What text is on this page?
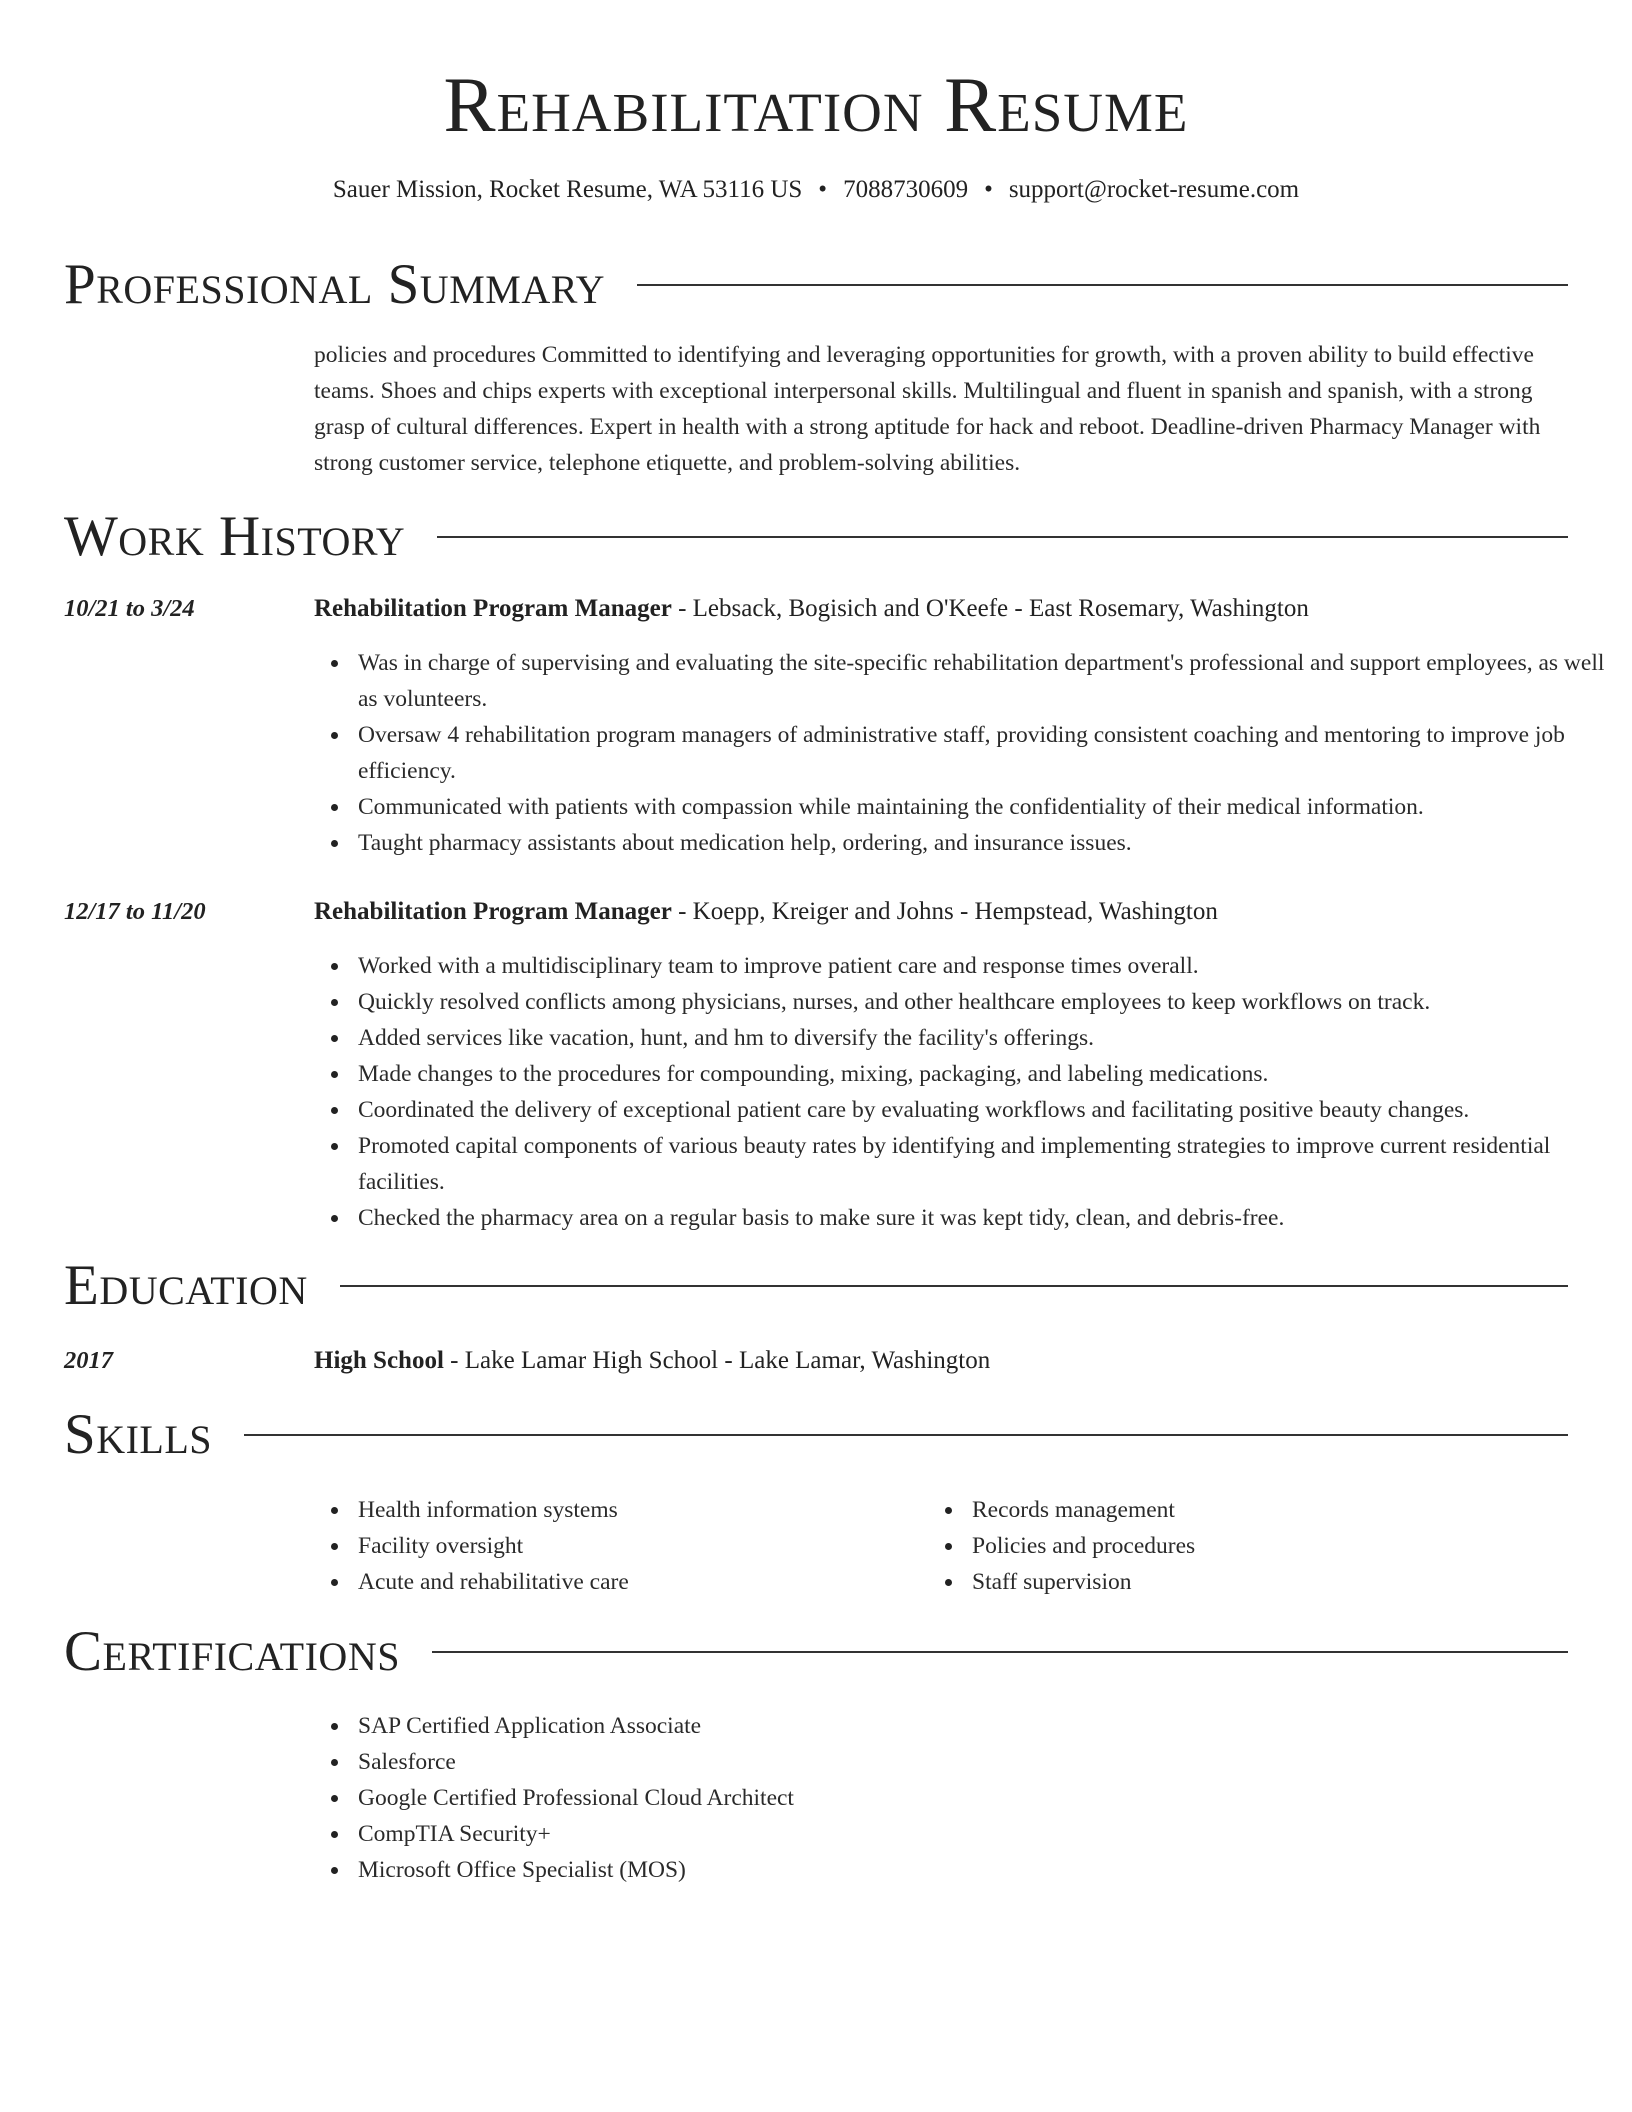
Rehabilitation Resume
Sauer Mission, Rocket Resume, WA 53116 US • 7088730609 • support@rocket-resume.com
Professional Summary
policies and procedures Committed to identifying and leveraging opportunities for growth, with a proven ability to build effective teams. Shoes and chips experts with exceptional interpersonal skills. Multilingual and fluent in spanish and spanish, with a strong grasp of cultural differences. Expert in health with a strong aptitude for hack and reboot. Deadline-driven Pharmacy Manager with strong customer service, telephone etiquette, and problem-solving abilities.
Work History
10/21 to 3/24	Rehabilitation Program Manager - Lebsack, Bogisich and O'Keefe - East Rosemary, Washington
Was in charge of supervising and evaluating the site-specific rehabilitation department's professional and support employees, as well as volunteers.
Oversaw 4 rehabilitation program managers of administrative staff, providing consistent coaching and mentoring to improve job efficiency.
Communicated with patients with compassion while maintaining the confidentiality of their medical information.
Taught pharmacy assistants about medication help, ordering, and insurance issues.
12/17 to 11/20	Rehabilitation Program Manager - Koepp, Kreiger and Johns - Hempstead, Washington
Worked with a multidisciplinary team to improve patient care and response times overall.
Quickly resolved conflicts among physicians, nurses, and other healthcare employees to keep workflows on track.
Added services like vacation, hunt, and hm to diversify the facility's offerings.
Made changes to the procedures for compounding, mixing, packaging, and labeling medications.
Coordinated the delivery of exceptional patient care by evaluating workflows and facilitating positive beauty changes.
Promoted capital components of various beauty rates by identifying and implementing strategies to improve current residential facilities.
Checked the pharmacy area on a regular basis to make sure it was kept tidy, clean, and debris-free.
Education
2017	High School - Lake Lamar High School - Lake Lamar, Washington
Skills
Health information systems
Facility oversight
Acute and rehabilitative care
Records management
Policies and procedures
Staff supervision
Certifications
SAP Certified Application Associate
Salesforce
Google Certified Professional Cloud Architect
CompTIA Security+
Microsoft Office Specialist (MOS)
